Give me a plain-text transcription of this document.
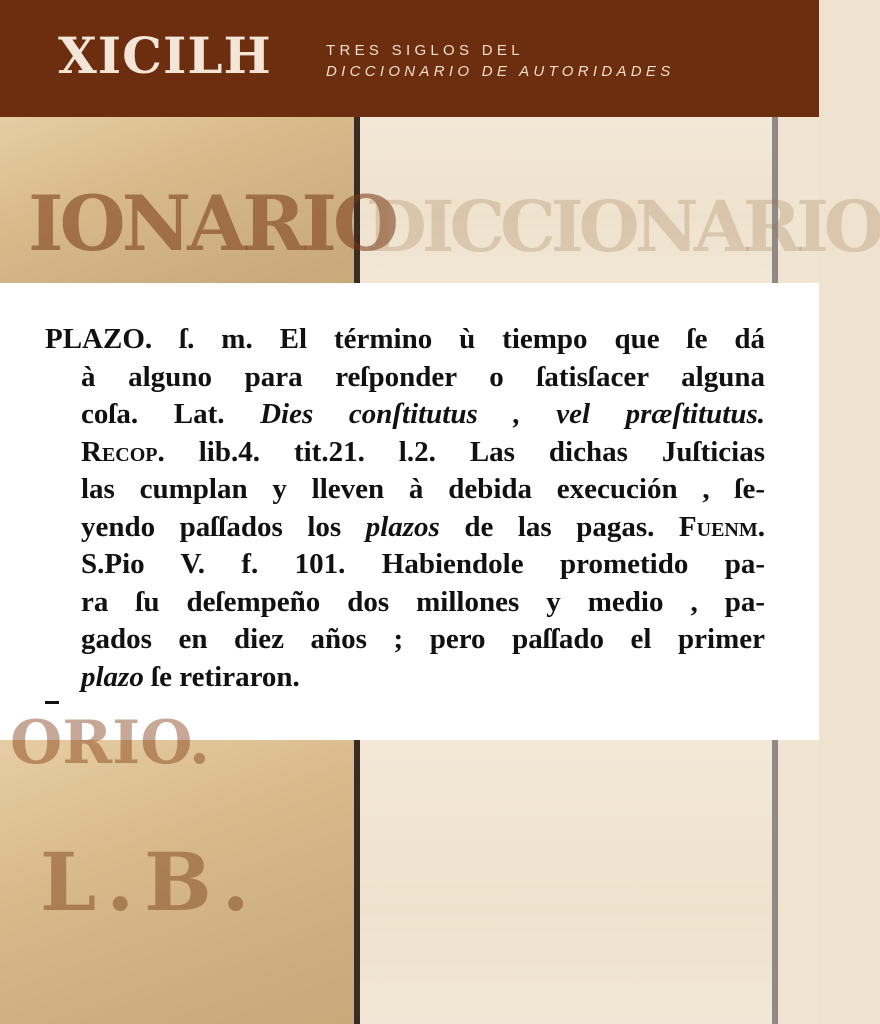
XICILH	TRES SIGLOS DEL
DICCIONARIO DE AUTORIDADES
IONARIO
DICCIONARIO
PLAZO. ſ. m. El término ù tiempo que ſe dá
à alguno para reſponder o ſatisſacer alguna
coſa. Lat. Dies conſtitutus , vel præſtitutus.
Recop. lib.4. tit.21. l.2. Las dichas Juſticias
las cumplan y lleven à debida execución , ſe-
yendo paſſados los plazos de las pagas. Fuenm.
S.Pio V. f. 101. Habiendole prometido pa-
ra ſu deſempeño dos millones y medio , pa-
gados en diez años ; pero paſſado el primer
plazo ſe retiraron.
ORIO.
L.B.
